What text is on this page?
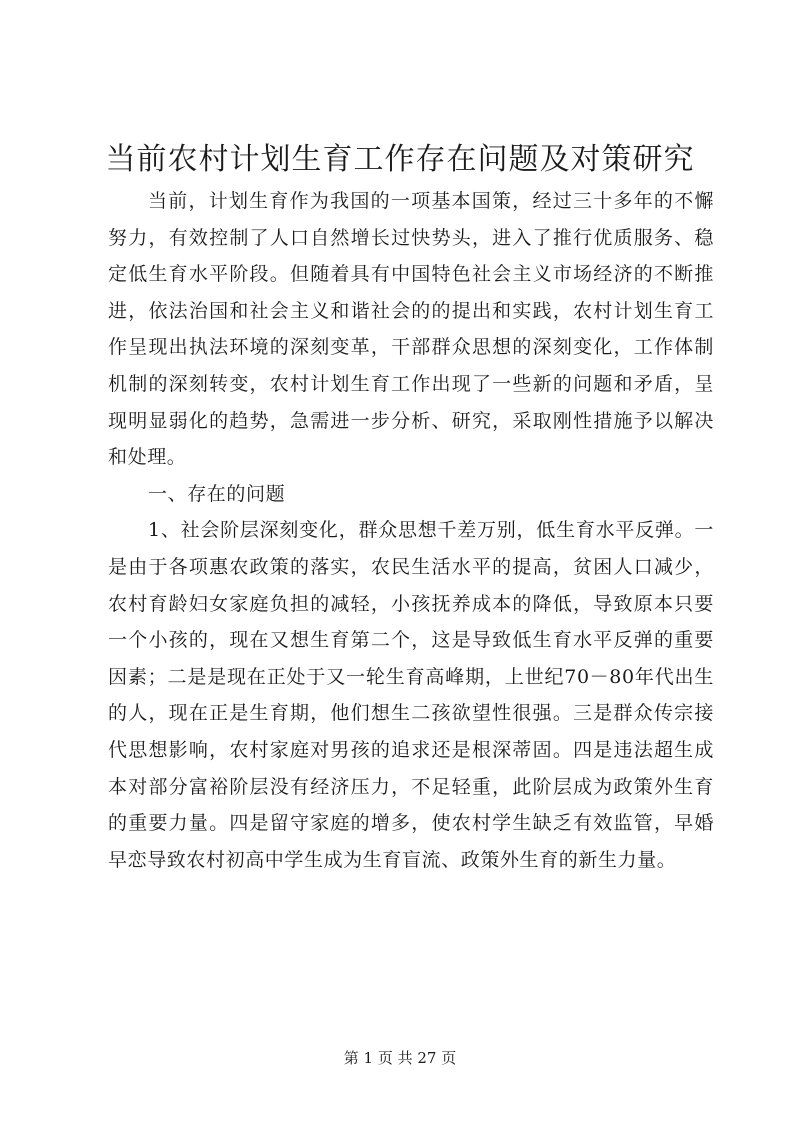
当前农村计划生育工作存在问题及对策研究

当前，计划生育作为我国的一项基本国策，经过三十多年的不懈努力，有效控制了人口自然增长过快势头，进入了推行优质服务、稳定低生育水平阶段。但随着具有中国特色社会主义市场经济的不断推进，依法治国和社会主义和谐社会的的提出和实践，农村计划生育工作呈现出执法环境的深刻变革，干部群众思想的深刻变化，工作体制机制的深刻转变，农村计划生育工作出现了一些新的问题和矛盾，呈现明显弱化的趋势，急需进一步分析、研究，采取刚性措施予以解决和处理。

一、存在的问题

1、社会阶层深刻变化，群众思想千差万别，低生育水平反弹。一是由于各项惠农政策的落实，农民生活水平的提高，贫困人口减少，农村育龄妇女家庭负担的减轻，小孩抚养成本的降低，导致原本只要一个小孩的，现在又想生育第二个，这是导致低生育水平反弹的重要因素；二是是现在正处于又一轮生育高峰期，上世纪70－80年代出生的人，现在正是生育期，他们想生二孩欲望性很强。三是群众传宗接代思想影响，农村家庭对男孩的追求还是根深蒂固。四是违法超生成本对部分富裕阶层没有经济压力，不足轻重，此阶层成为政策外生育的重要力量。四是留守家庭的增多，使农村学生缺乏有效监管，早婚早恋导致农村初高中学生成为生育盲流、政策外生育的新生力量。

第 1 页 共 27 页
